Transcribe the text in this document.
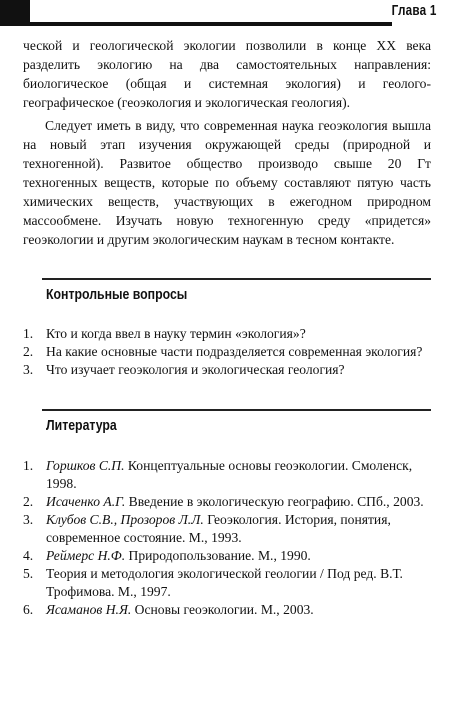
Глава 1

ческой и геологической экологии позволили в конце XX века разделить экологию на два самостоятельных направления: биологическое (общая и системная экология) и геолого-географическое (геоэкология и экологическая геология).

Следует иметь в виду, что современная наука геоэкология вышла на новый этап изучения окружающей среды (природной и техногенной). Развитое общество производо свыше 20 Гт техногенных веществ, которые по объему составляют пятую часть химических веществ, участвующих в ежегодном природном массообмене. Изучать новую техногенную среду «придется» геоэкологии и другим экологическим наукам в тесном контакте.

Контрольные вопросы
1. Кто и когда ввел в науку термин «экология»?
2. На какие основные части подразделяется современная экология?
3. Что изучает геоэкология и экологическая геология?
Литература
1. Горшков С.П. Концептуальные основы геоэкологии. Смоленск, 1998.
2. Исаченко А.Г. Введение в экологическую географию. СПб., 2003.
3. Клубов С.В., Прозоров Л.Л. Геоэкология. История, понятия, современное состояние. М., 1993.
4. Реймерс Н.Ф. Природопользование. М., 1990.
5. Теория и методология экологической геологии / Под ред. В.Т. Трофимова. М., 1997.
6. Ясаманов Н.Я. Основы геоэкологии. М., 2003.
